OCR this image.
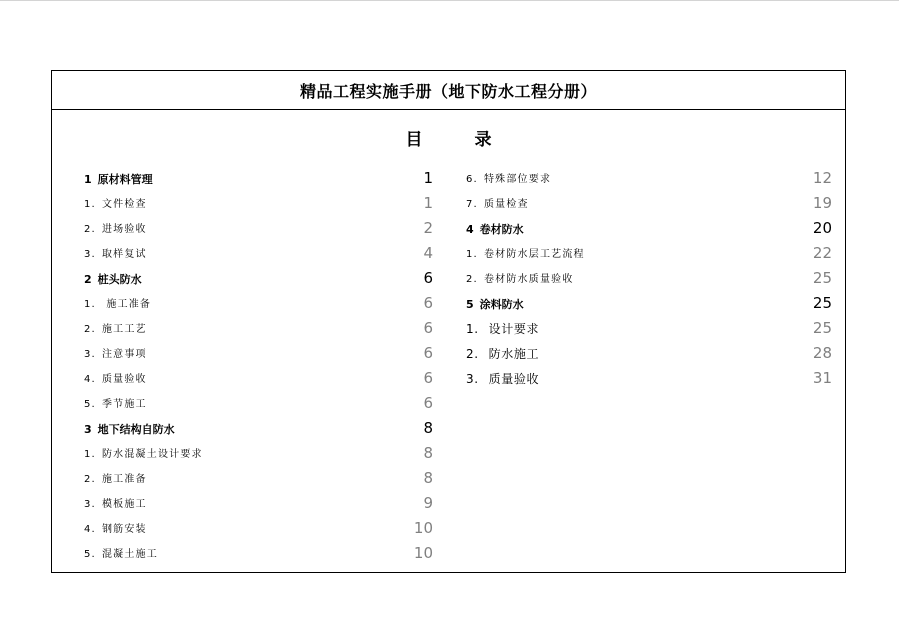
精品工程实施手册（地下防水工程分册）
目	录
1 原材料管理	1
1. 文件检查	1
2. 进场验收	2
3. 取样复试	4
2 桩头防水	6
1. 施工准备	6
2. 施工工艺	6
3. 注意事项	6
4. 质量验收	6
5. 季节施工	6
3 地下结构自防水	8
1. 防水混凝土设计要求	8
2. 施工准备	8
3. 模板施工	9
4. 钢筋安装	10
5. 混凝土施工	10
6. 特殊部位要求	12
7. 质量检查	19
4 卷材防水	20
1. 卷材防水层工艺流程	22
2. 卷材防水质量验收	25
5 涂料防水	25
1. 设计要求	25
2. 防水施工	28
3. 质量验收	31
